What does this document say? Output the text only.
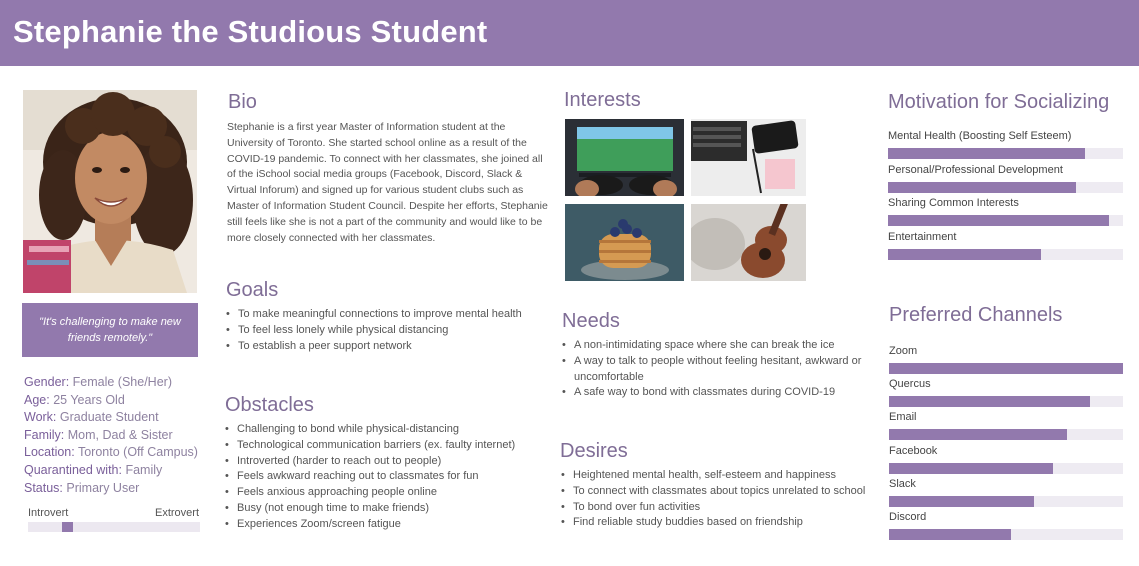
Stephanie the Studious Student
"It's challenging to make new friends remotely."
Gender: Female (She/Her)
Age: 25 Years Old
Work: Graduate Student
Family: Mom, Dad & Sister
Location: Toronto (Off Campus)
Quarantined with: Family
Status: Primary User
Introvert	Extrovert
Bio
Stephanie is a first year Master of Information student at the University of Toronto. She started school online as a result of the COVID-19 pandemic. To connect with her classmates, she joined all of the iSchool social media groups (Facebook, Discord, Slack & Virtual Inforum) and signed up for various student clubs such as Master of Information Student Council. Despite her efforts, Stephanie still feels like she is not a part of the community and would like to be more closely connected with her classmates.
Goals
• To make meaningful connections to improve mental health
• To feel less lonely while physical distancing
• To establish a peer support network
Obstacles
• Challenging to bond while physical-distancing
• Technological communication barriers (ex. faulty internet)
• Introverted (harder to reach out to people)
• Feels awkward reaching out to classmates for fun
• Feels anxious approaching people online
• Busy (not enough time to make friends)
• Experiences Zoom/screen fatigue
Interests
Needs
• A non-intimidating space where she can break the ice
• A way to talk to people without feeling hesitant, awkward or uncomfortable
• A safe way to bond with classmates during COVID-19
Desires
• Heightened mental health, self-esteem and happiness
• To connect with classmates about topics unrelated to school
• To bond over fun activities
• Find reliable study buddies based on friendship
Motivation for Socializing
Mental Health (Boosting Self Esteem)
Personal/Professional Development
Sharing Common Interests
Entertainment
Preferred Channels
Zoom
Quercus
Email
Facebook
Slack
Discord
